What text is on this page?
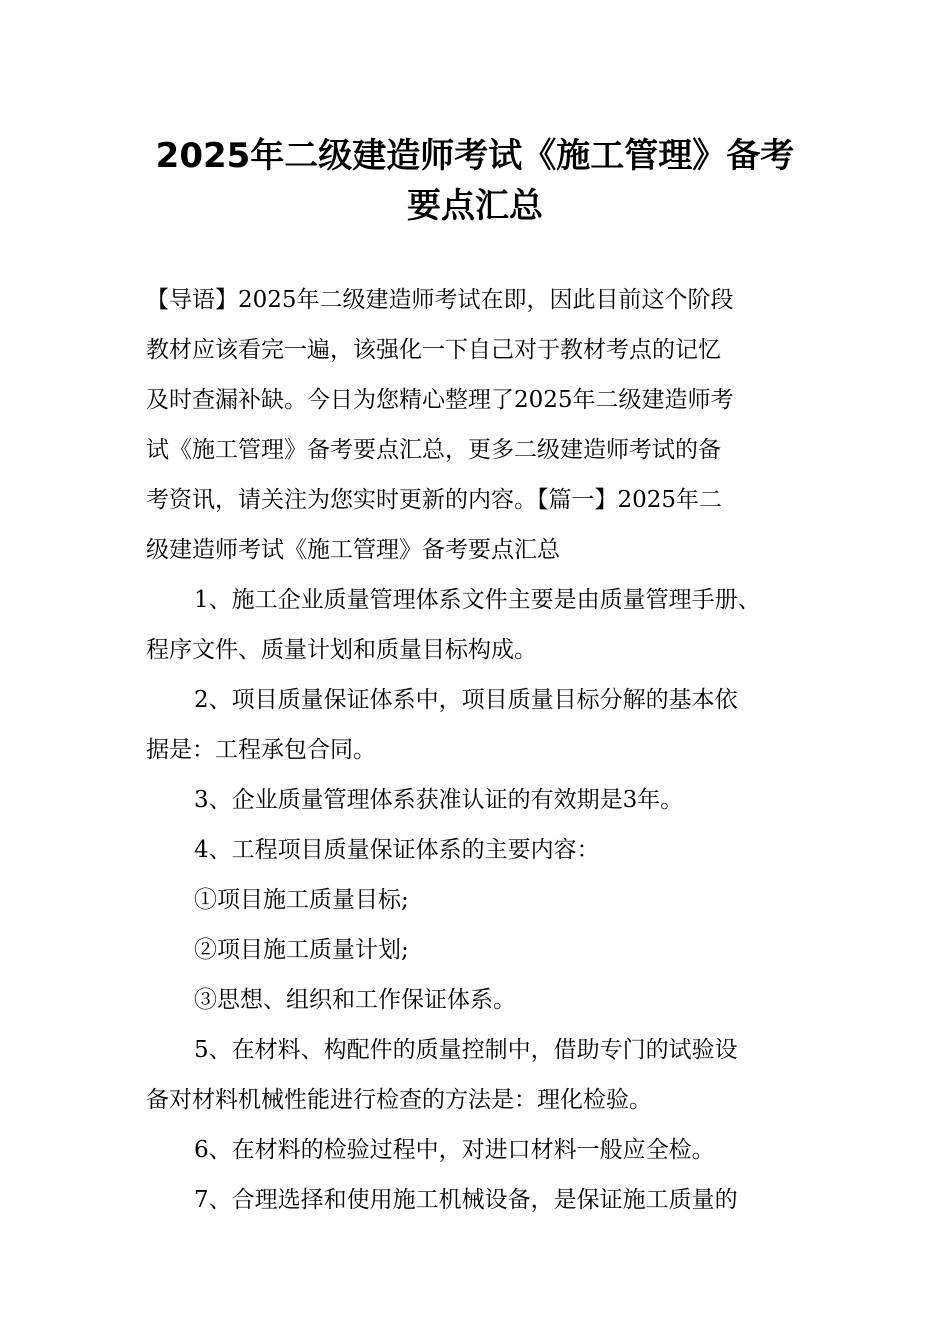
2025年二级建造师考试《施工管理》备考
要点汇总

【导语】2025年二级建造师考试在即，因此目前这个阶段

教材应该看完一遍，该强化一下自己对于教材考点的记忆

及时查漏补缺。今日为您精心整理了2025年二级建造师考

试《施工管理》备考要点汇总，更多二级建造师考试的备

考资讯，请关注为您实时更新的内容。【篇一】2025年二

级建造师考试《施工管理》备考要点汇总

1、施工企业质量管理体系文件主要是由质量管理手册、

程序文件、质量计划和质量目标构成。

2、项目质量保证体系中，项目质量目标分解的基本依

据是：工程承包合同。

3、企业质量管理体系获准认证的有效期是3年。

4、工程项目质量保证体系的主要内容：

①项目施工质量目标;

②项目施工质量计划;

③思想、组织和工作保证体系。

5、在材料、构配件的质量控制中，借助专门的试验设

备对材料机械性能进行检查的方法是：理化检验。

6、在材料的检验过程中，对进口材料一般应全检。

7、合理选择和使用施工机械设备，是保证施工质量的
